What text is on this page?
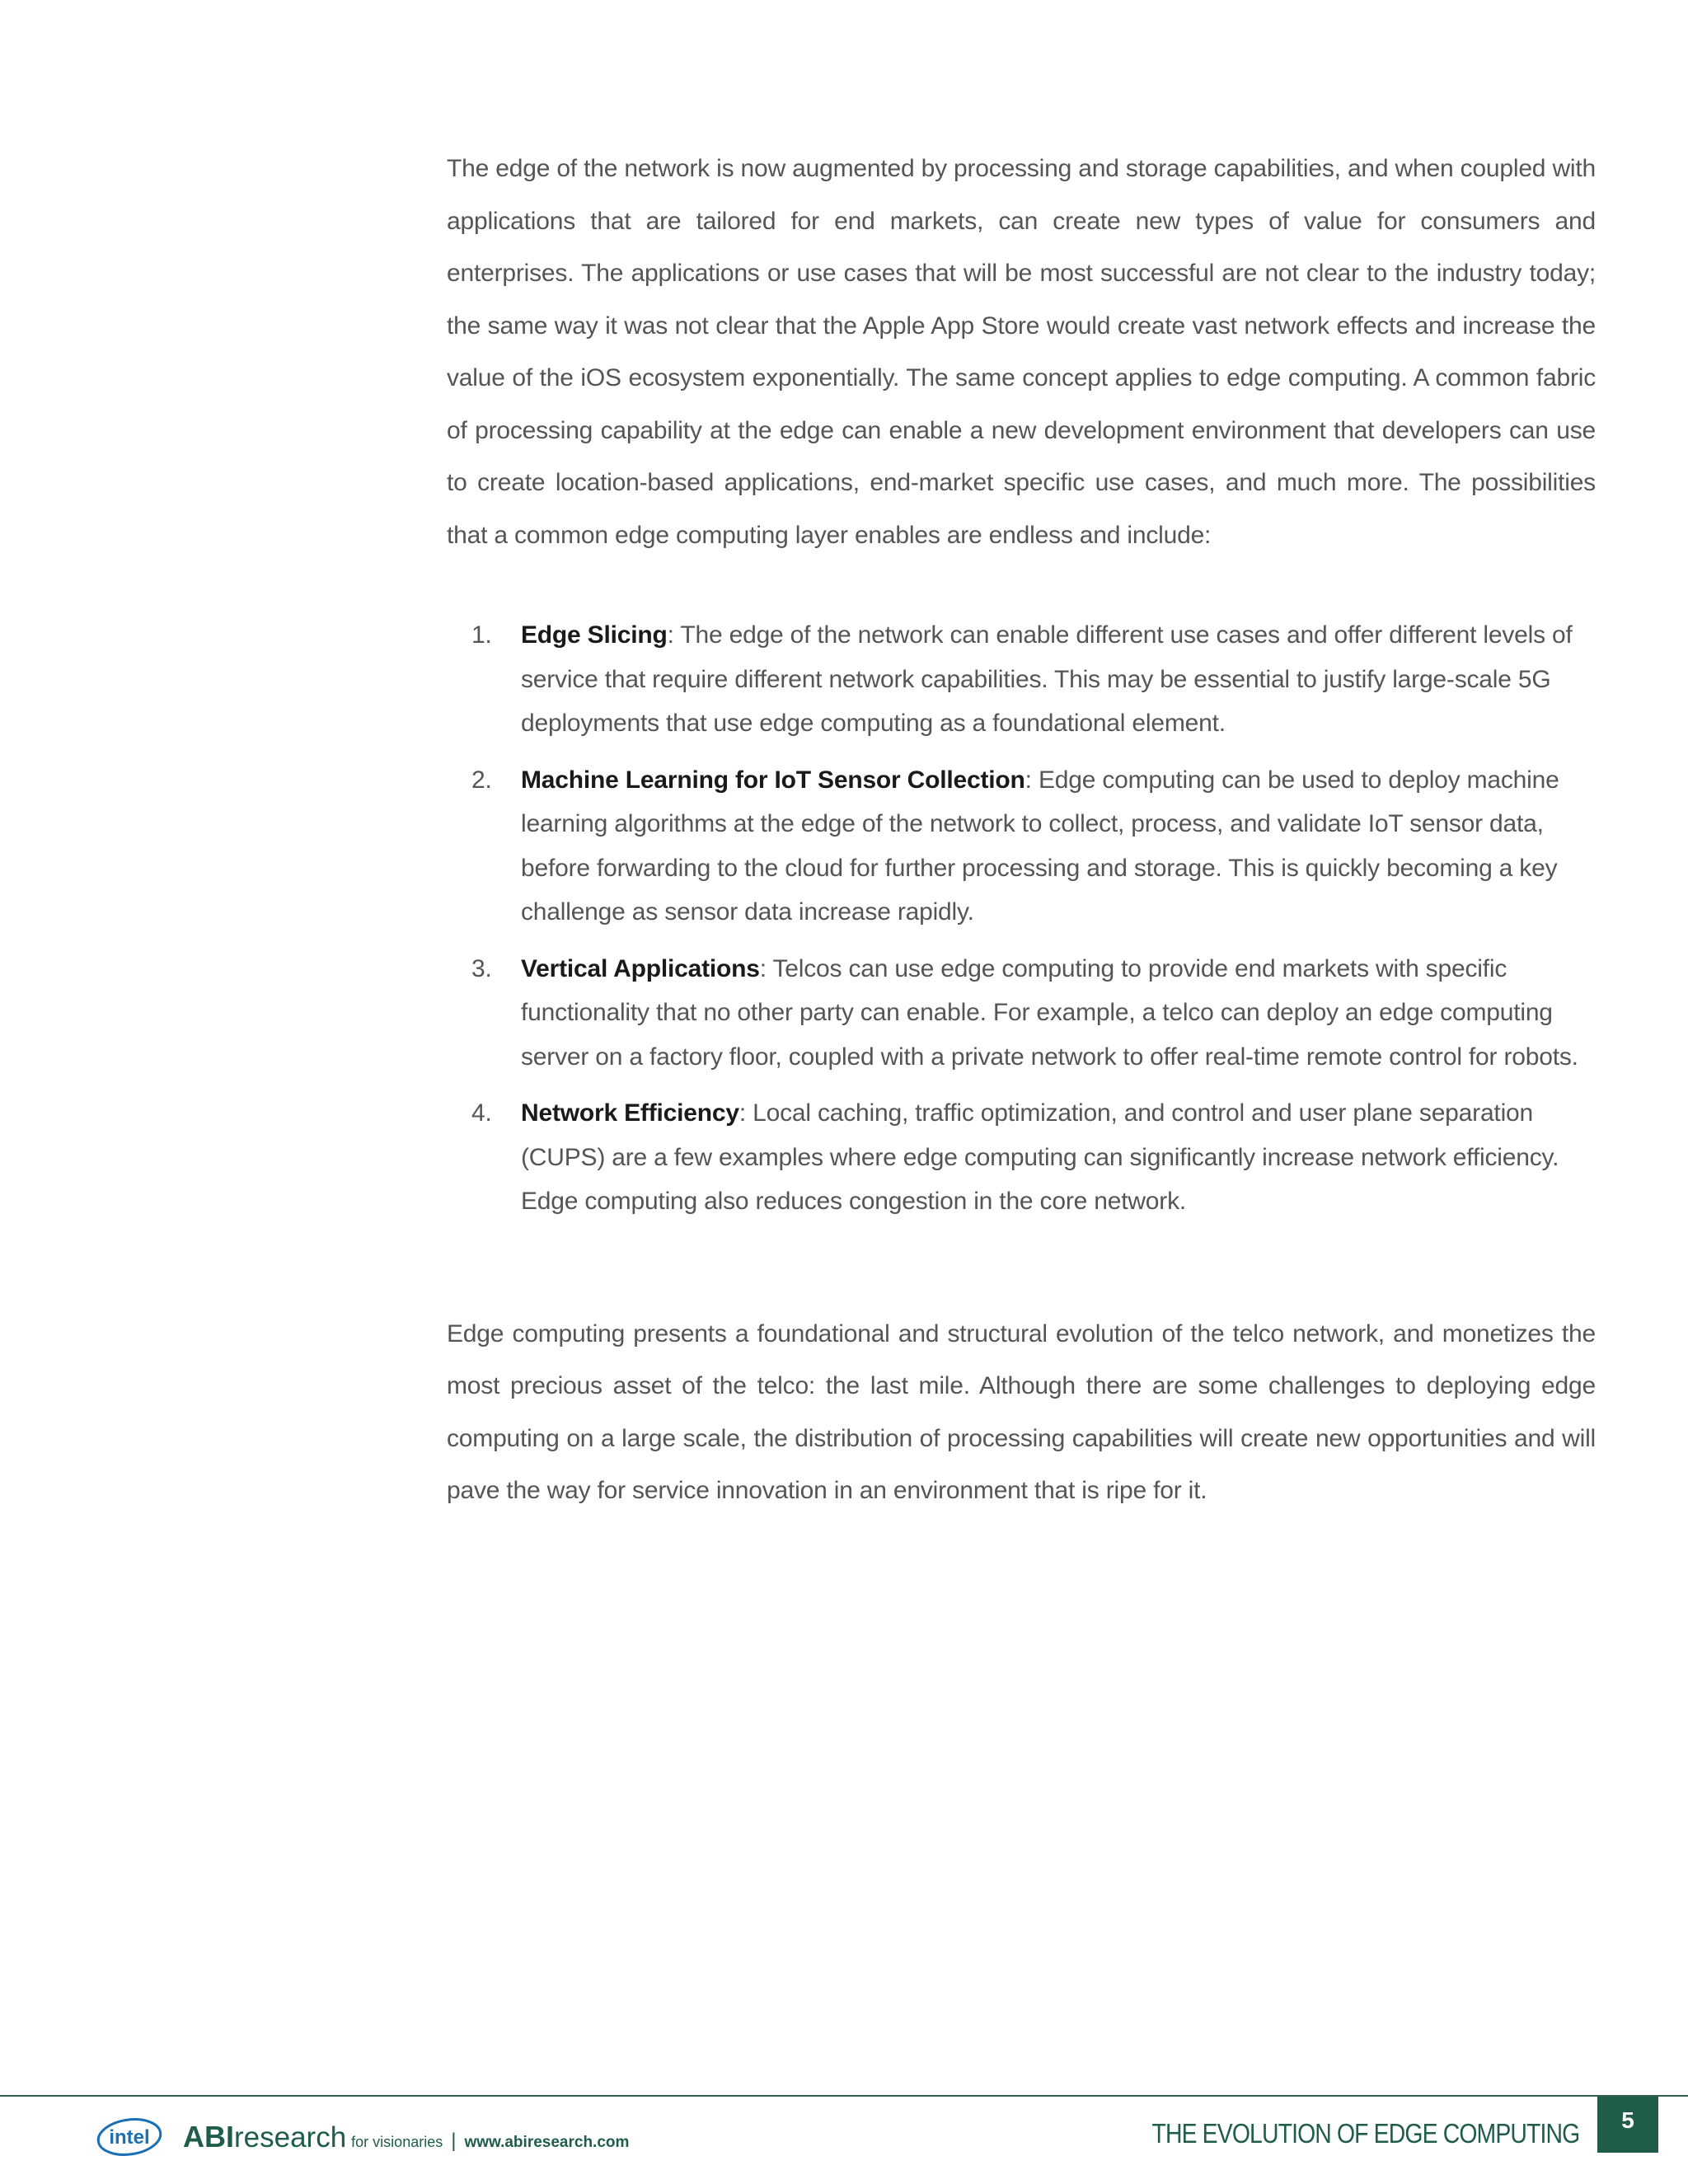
The edge of the network is now augmented by processing and storage capabilities, and when coupled with applications that are tailored for end markets, can create new types of value for consumers and enterprises. The applications or use cases that will be most successful are not clear to the industry today; the same way it was not clear that the Apple App Store would create vast network effects and increase the value of the iOS ecosystem exponentially. The same concept applies to edge computing. A common fabric of processing capability at the edge can enable a new development environment that developers can use to create location-based applications, end-market specific use cases, and much more. The possibilities that a common edge computing layer enables are endless and include:

1. Edge Slicing: The edge of the network can enable different use cases and offer different levels of service that require different network capabilities. This may be essential to justify large-scale 5G deployments that use edge computing as a foundational element.
2. Machine Learning for IoT Sensor Collection: Edge computing can be used to deploy machine learning algorithms at the edge of the network to collect, process, and validate IoT sensor data, before forwarding to the cloud for further processing and storage. This is quickly becoming a key challenge as sensor data increase rapidly.
3. Vertical Applications: Telcos can use edge computing to provide end markets with specific functionality that no other party can enable. For example, a telco can deploy an edge computing server on a factory floor, coupled with a private network to offer real-time remote control for robots.
4. Network Efficiency: Local caching, traffic optimization, and control and user plane separation (CUPS) are a few examples where edge computing can significantly increase network efficiency. Edge computing also reduces congestion in the core network.

Edge computing presents a foundational and structural evolution of the telco network, and monetizes the most precious asset of the telco: the last mile. Although there are some challenges to deploying edge computing on a large scale, the distribution of processing capabilities will create new opportunities and will pave the way for service innovation in an environment that is ripe for it.

intel ABIresearch for visionaries | www.abiresearch.com	THE EVOLUTION OF EDGE COMPUTING	5
